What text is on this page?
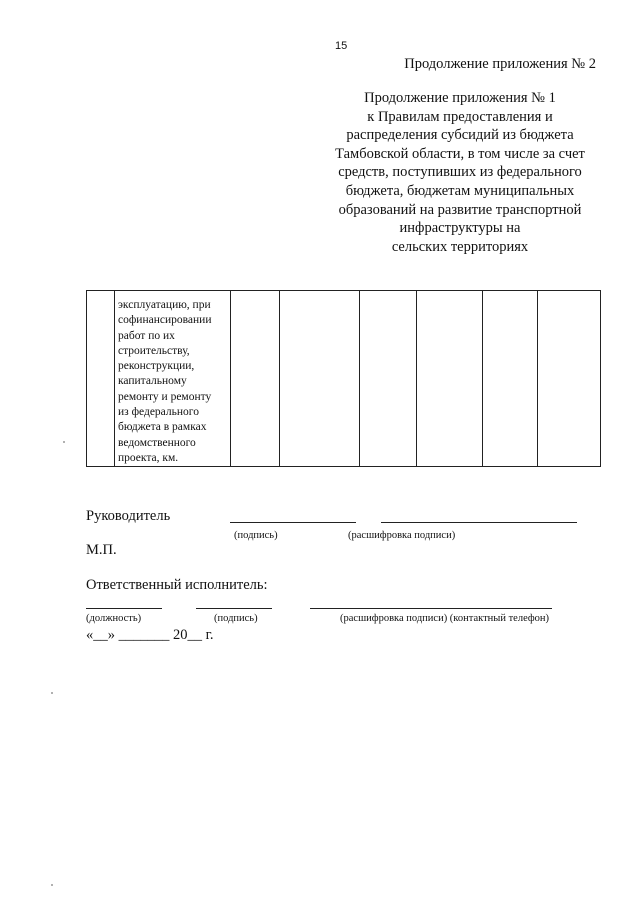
15
Продолжение приложения № 2
Продолжение приложения № 1
к Правилам предоставления и
распределения субсидий из бюджета
Тамбовской области, в том числе за счет
средств, поступивших из федерального
бюджета, бюджетам муниципальных
образований на развитие транспортной
инфраструктуры на
сельских территориях

эксплуатацию, при
софинансировании
работ по их
строительству,
реконструкции,
капитальному
ремонту и ремонту
из федерального
бюджета в рамках
ведомственного
проекта, км.

Руководитель
(подпись)	(расшифровка подписи)
М.П.
Ответственный исполнитель:
(должность)	(подпись)	(расшифровка подписи) (контактный телефон)
«__» _______ 20__ г.
